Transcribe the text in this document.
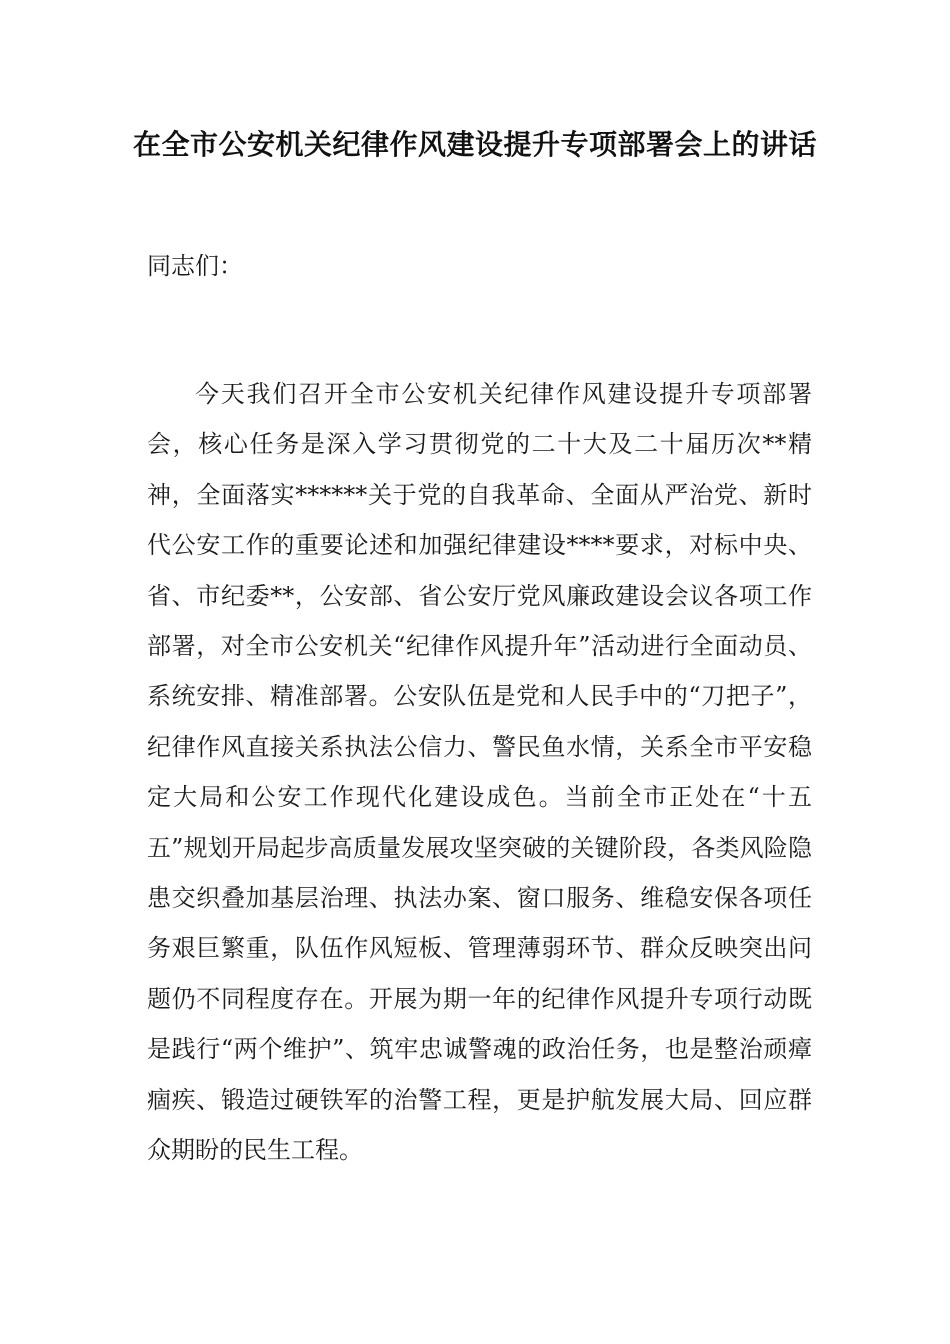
在全市公安机关纪律作风建设提升专项部署会上的讲话

同志们：

今天我们召开全市公安机关纪律作风建设提升专项部署会，核心任务是深入学习贯彻党的二十大及二十届历次**精神，全面落实******关于党的自我革命、全面从严治党、新时代公安工作的重要论述和加强纪律建设****要求，对标中央、省、市纪委**，公安部、省公安厅党风廉政建设会议各项工作部署，对全市公安机关“纪律作风提升年”活动进行全面动员、系统安排、精准部署。公安队伍是党和人民手中的“刀把子”，纪律作风直接关系执法公信力、警民鱼水情，关系全市平安稳定大局和公安工作现代化建设成色。当前全市正处在“十五五”规划开局起步高质量发展攻坚突破的关键阶段，各类风险隐患交织叠加基层治理、执法办案、窗口服务、维稳安保各项任务艰巨繁重，队伍作风短板、管理薄弱环节、群众反映突出问题仍不同程度存在。开展为期一年的纪律作风提升专项行动既是践行“两个维护”、筑牢忠诚警魂的政治任务，也是整治顽瘴痼疾、锻造过硬铁军的治警工程，更是护航发展大局、回应群众期盼的民生工程。
